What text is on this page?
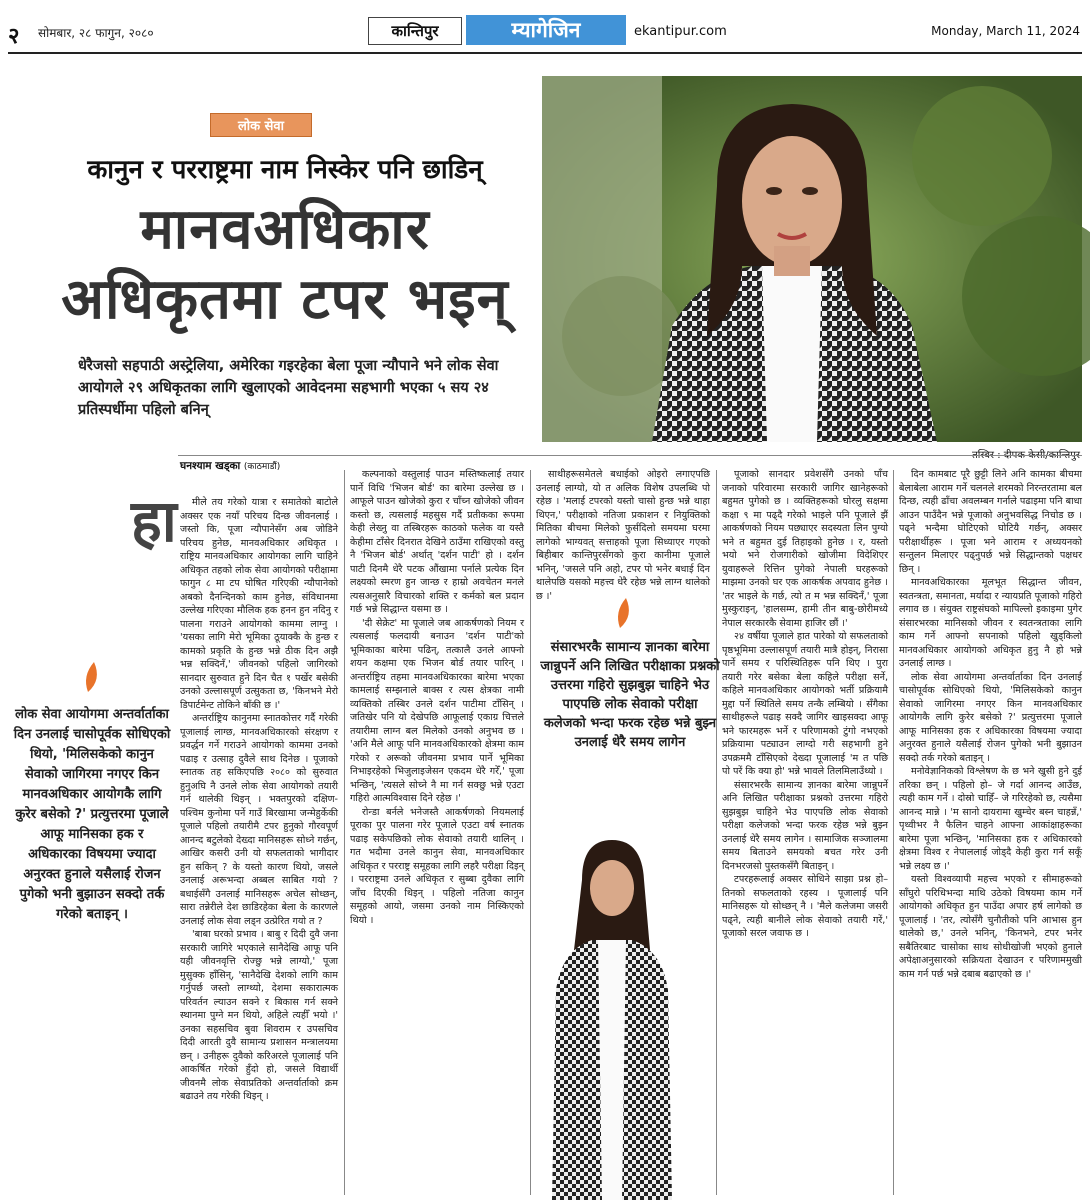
२ सोमबार, २८ फागुन, २०८०	कान्तिपुर	म्यागेजिन	ekantipur.com	Monday, March 11, 2024
लोक सेवा
कानुन र परराष्ट्रमा नाम निस्केर पनि छाडिन्
मानवअधिकार
अधिकृतमा टपर भइन्
धेरैजसो सहपाठी अस्ट्रेलिया, अमेरिका गइरहेका बेला पूजा न्यौपाने भने लोक सेवा आयोगले २९ अधिकृतका लागि खुलाएको आवेदनमा सहभागी भएका ५ सय २४ प्रतिस्पर्धीमा पहिलो बनिन्
घनश्याम खड्का (काठमाडौं)
हा	मीले तय गरेको यात्रा र समातेको बाटोले अक्सर एक नयाँ परिचय दिन्छ जीवनलाई । जस्तो कि, पूजा न्यौपानेसँग अब जोडिने परिचय हुनेछ, मानवअधिकार अधिकृत । राष्ट्रिय मानवअधिकार आयोगका लागि चाहिने अधिकृत तहको लोक सेवा आयोगको परीक्षामा फागुन ८ मा टप घोषित गरिएकी न्यौपानेको अबको दैनन्दिनको काम हुनेछ, संविधानमा उल्लेख गरिएका मौलिक हक हनन हुन नदिनु र पालना गराउने आयोगको काममा लाग्नु । 'यसका लागि मेरो भूमिका ठूयाक्कै के हुन्छ र कामको प्रकृति के हुन्छ भन्ने ठीक दिन अझै भन्न सक्दिनँ,' जीवनको पहिलो जागिरको सानदार सुरुवात हुने दिन चैत १ पर्खेर बसेकी उनको उल्लासपूर्ण उत्सुकता छ, 'किनभने मेरो डिपार्टमेन्ट तोकिने बाँकी छ ।'

अन्तर्राष्ट्रिय कानुनमा स्नातकोत्तर गर्दै गरेकी पूजालाई लाग्छ, मानवअधिकारको संरक्षण र प्रवर्द्धन गर्ने गराउने आयोगको काममा उनको पढाइ र उत्साह दुवैले साथ दिनेछ । पूजाको स्नातक तह सकिएपछि २०८० को सुरुवात हुनुअघि नै उनले लोक सेवा आयोगको तयारी गर्न थालेकी थिइन् । भक्तपुरको दक्षिण-पश्चिम कुनोमा पर्ने गाउँ बिरखामा जन्मेहुर्केकी पूजाले पहिलो तयारीमै टपर हुनुको गौरवपूर्ण आनन्द बटुलेको देख्दा मानिसहरू सोध्ने गर्छन्, आखिर कसरी उनी यो सफलताको भागीदार हुन सकिन् ? के यस्तो कारण थियो, जसले उनलाई अरूभन्दा अब्बल साबित गयो ? बधाईसँगै उनलाई मानिसहरू अचेल सोध्छन्, सारा तन्नेरीले देश छाडिरहेका बेला के कारणले उनलाई लोक सेवा लड्न उत्प्रेरित गयो त ?

'बाबा घरको प्रभाव । बाबु र दिदी दुवै जना सरकारी जागिरे भएकाले सानैदेखि आफू पनि यही जीवनवृत्ति रोज्छु भन्ने लाग्यो,' पूजा मुसुक्क हाँसिन्, 'सानैदेखि देशको लागि काम गर्नुपर्छ जस्तो लाग्थ्यो, देशमा सकारात्मक परिवर्तन ल्याउन सक्ने र बिकास गर्न सक्ने स्थानमा पुग्ने मन थियो, अहिले त्यहीँ भयो ।' उनका सहसचिव बुवा शिवराम र उपसचिव दिदी आरती दुवै सामान्य प्रशासन मन्त्रालयमा छन् । उनीहरू दुवैको करिअरले पूजालाई पनि आकर्षित गरेको हुँदो हो, जसले विद्यार्थी जीवनमै लोक सेवाप्रतिको अन्तर्वार्ताको क्रम बढाउने तय गरेकी थिइन् ।

कल्पनाको वस्तुलाई पाउन मस्तिष्कलाई तयार पार्ने विधि 'भिजन बोर्ड' का बारेमा उल्लेख छ । आफूले पाउन खोजेको कुरा र चाँच्न खोजेको जीवन कस्तो छ, त्यसलाई महसुस गर्दै प्रतीकका रूपमा केही लेख्नु वा तस्बिरहरू काठको फलेक वा यस्तै केहीमा टाँसेर दिनरात देखिने ठाउँमा राखिएको वस्तु नै 'भिजन बोर्ड' अर्थात् 'दर्शन पाटी' हो । दर्शन पाटी दिनमै धेरै पटक औंखामा पर्नाले प्रत्येक दिन लक्ष्यको स्मरण हुन जान्छ र हाम्रो अवचेतन मनले त्यसअनुसारै विचारको शक्ति र कर्मको बल प्रदान गर्छ भन्ने सिद्धान्त यसमा छ ।

'दी सेक्रेट' मा पूजाले जब आकर्षणको नियम र त्यसलाई फलदायी बनाउन 'दर्शन पाटी'को भूमिकाका बारेमा पढिन्, तत्कालै उनले आफ्नो शयन कक्षमा एक भिजन बोर्ड तयार पारिन् । अन्तर्राष्ट्रिय तहमा मानवअधिकारका बारेमा भएका कामलाई सम्झनाले बाक्स र त्यस क्षेत्रका नामी व्यक्तिको तस्बिर उनले दर्शन पाटीमा टाँसिन् । जतिखेर पनि यो देखेपछि आफूलाई एकाग्र चित्तले तयारीमा लाग्न बल मिलेको उनको अनुभव छ । 'अनि मैले आफू पनि मानवअधिकारको क्षेत्रमा काम गरेको र अरूको जीवनमा प्रभाव पार्ने भूमिका निभाइरहेको भिजुलाइजेसन एकदम धेरै गरेँ,' पूजा भन्छिन्, 'त्यसले सोच्ने नै मा गर्न सक्छु भन्ने एउटा गहिरो आत्मविश्वास दिने रहेछ ।'

रोन्डा बर्नले भनेजस्तै आकर्षणको नियमलाई पूराका पुर पालना गरेर पूजाले एउटा वर्ष स्नातक पढाइ सकेपछिको लोक सेवाको तयारी थालिन् । गत भदौमा उनले कानुन सेवा, मानवअधिकार अधिकृत र परराष्ट्र समूहका लागि लहरै परीक्षा दिइन् । परराष्ट्रमा उनले अधिकृत र सुब्बा दुवैका लागि जाँच दिएकी थिइन् । पहिलो नतिजा कानुन समूहको आयो, जसमा उनको नाम निस्किएको थियो ।

साथीहरूसमेतले बधाईको ओइरो लगाएपछि उनलाई लाग्यो, यो त अलिक विशेष उपलब्धि पो रहेछ । 'मलाई टपरको यस्तो चासो हुन्छ भन्ने थाहा थिएन,' परीक्षाको नतिजा प्रकाशन र नियुक्तिको मितिका बीचमा मिलेको फुर्सदिलो समयमा घरमा लागेको भाग्यवत् सत्ताहको पूजा सिध्याएर गएको बिहीबार कान्तिपुरसँगको कुरा कानीमा पूजाले भनिन्, 'जसले पनि अहो, टपर पो भनेर बधाई दिन थालेपछि यसको महत्त्व धेरै रहेछ भन्ने लाग्न थालेको छ ।'

पूजाको सानदार प्रवेशसँगै उनको पाँच जनाको परिवारमा सरकारी जागिर खानेहरूको बहुमत पुगेको छ । व्यक्तिहरूको घोरलु सक्षमा कक्षा ९ मा पढ्दै गरेको भाइले पनि पूजाले झैं आकर्षणको नियम पछ्याएर सदस्यता लिन पुग्यो भने त बहुमत दुई तिहाइको हुनेछ । र, यस्तो भयो भने रोजगारीको खोजीमा विदेशिएर युवाहरूले रित्तिन पुगेको नेपाली घरहरूको माझमा उनको घर एक आकर्षक अपवाद हुनेछ । 'तर भाइले के गर्छ, त्यो त म भन्न सक्दिनँ,' पूजा मुस्कुराइन्, 'हालसम्म, हामी तीन बाबु-छोरीमध्ये नेपाल सरकारकै सेवामा हाजिर छौं ।'

२४ वर्षीया पूजाले हात पारेको यो सफलताको पृष्ठभूमिमा उल्लासपूर्ण तयारी मात्रै होइन्, निरासा पार्ने समय र परिस्थितिहरू पनि थिए । पुरा तयारी गरेर बसेका बेला कहिले परीक्षा सर्ने, कहिले मानवअधिकार आयोगको भर्ती प्रक्रियामै मुद्दा पर्ने स्थितिले समय तन्कै लम्बियो । सँगैका साथीहरूले पढाइ सक्दै जागिर खाइसक्दा आफू भने फारमहरू भर्ने र परिणामको टुंगो नभएको प्रक्रियामा पट्याउन लाग्दो गरी सहभागी हुने उपक्रममै टाँसिएको देख्दा पूजालाई 'म त पछि पो परें कि क्या हो' भन्ने भावले तिलमिलाउँथ्यो ।

संसारभरकै सामान्य ज्ञानका बारेमा जान्नुपर्ने अनि लिखित परीक्षाका प्रश्नको उत्तरमा गहिरो सुझबुझ चाहिने भेउ पाएपछि लोक सेवाको परीक्षा कलेजको भन्दा फरक रहेछ भन्ने बुझ्न उनलाई धेरै समय लागेन । सामाजिक सञ्जालमा समय बिताउने समयको बचत गरेर उनी दिनभरजसो पुस्तकसँगै बिताइन् ।

टपरहरूलाई अक्सर सोधिने साझा प्रश्न हो– तिनको सफलताको रहस्य । पूजालाई पनि मानिसहरू यो सोध्छन् नै । 'मैले कलेजमा जसरी पढ्ने, त्यही बानीले लोक सेवाको तयारी गरें,' पूजाको सरल जवाफ छ ।

दिन कामबाट पूरै छुट्टी लिने अनि कामका बीचमा बेलाबेला आराम गर्ने चलनले शरमको निरन्तरतामा बल दिन्छ, त्यही ढाँचा अवलम्बन गर्नाले पढाइमा पनि बाधा आउन पाउँदैन भन्ने पूजाको अनुभवसिद्ध निचोड छ । पढ्ने भन्दैमा घोटिएको घोटियै गर्छन्, अक्सर परीक्षार्थीहरू । पूजा भने आराम र अध्ययनको सन्तुलन मिलाएर पढ्नुपर्छ भन्ने सिद्धान्तको पक्षधर छिन् ।

मानवअधिकारका मूलभूत सिद्धान्त जीवन, स्वतन्त्रता, समानता, मर्यादा र न्यायप्रति पूजाको गहिरो लगाव छ । संयुक्त राष्ट्रसंघको मापिल्लो इकाइमा पुगेर संसारभरका मानिसको जीवन र स्वतन्त्रताका लागि काम गर्ने आफ्नो सपनाको पहिलो खुड्किलो मानवअधिकार आयोगको अधिकृत हुनु नै हो भन्ने उनलाई लाग्छ ।

लोक सेवा आयोगमा अन्तर्वार्ताका दिन उनलाई चासोपूर्वक सोधिएको थियो, 'मिलिसकेको कानुन सेवाको जागिरमा नगएर किन मानवअधिकार आयोगकै लागि कुरेर बसेको ?' प्रत्युत्तरमा पूजाले आफू मानिसका हक र अधिकारका विषयमा ज्यादा अनुरक्त हुनाले यसैलाई रोजन पुगेको भनी बुझाउन सक्दो तर्क गरेको बताइन् ।

मनोवेज्ञानिकको विश्लेषण के छ भने खुसी हुने दुई तरिका छन् । पहिलो हो– जे गर्दा आनन्द आउँछ, त्यही काम गर्ने । दोस्रो चाहिँ– जे गरिरहेको छ, त्यसैमा आनन्द मान्ने । 'म सानो दायरामा खुम्चेर बस्न चाहन्नँ,' पृथ्वीभर नै फैलिन चाहने आफ्ना आकांक्षाहरूका बारेमा पूजा भन्छिन्, 'मानिसका हक र अधिकारको क्षेत्रमा विश्व र नेपाललाई जोड्दै केही कुरा गर्न सकूँ भन्ने लक्ष्य छ ।'

यस्तो विश्वव्यापी महत्त्व भएको र सीमाहरूको साँघुरो परिधिभन्दा माथि उठेको विषयमा काम गर्ने आयोगको अधिकृत हुन पाउँदा अपार हर्ष लागेको छ पूजालाई । 'तर, त्योसँगै चुनौतीको पनि आभास हुन थालेको छ,' उनले भनिन्, 'किनभने, टपर भनेर सबैतिरबाट चासोका साथ सोधीखोजी भएको हुनाले अपेक्षाअनुसारको सक्रियता देखाउन र परिणाममुखी काम गर्न पर्छ भन्ने दबाब बढाएको छ ।'

लोक सेवा आयोगमा अन्तर्वार्ताका दिन उनलाई चासोपूर्वक सोधिएको थियो, 'मिलिसकेको कानुन सेवाको जागिरमा नगएर किन मानवअधिकार आयोगकै लागि कुरेर बसेको ?' प्रत्युत्तरमा पूजाले आफू मानिसका हक र अधिकारका विषयमा ज्यादा अनुरक्त हुनाले यसैलाई रोजन पुगेको भनी बुझाउन सक्दो तर्क गरेको बताइन् ।
संसारभरकै सामान्य ज्ञानका बारेमा जान्नुपर्ने अनि लिखित परीक्षाका प्रश्नको उत्तरमा गहिरो सुझबुझ चाहिने भेउ पाएपछि लोक सेवाको परीक्षा कलेजको भन्दा फरक रहेछ भन्ने बुझ्न उनलाई धेरै समय लागेन
